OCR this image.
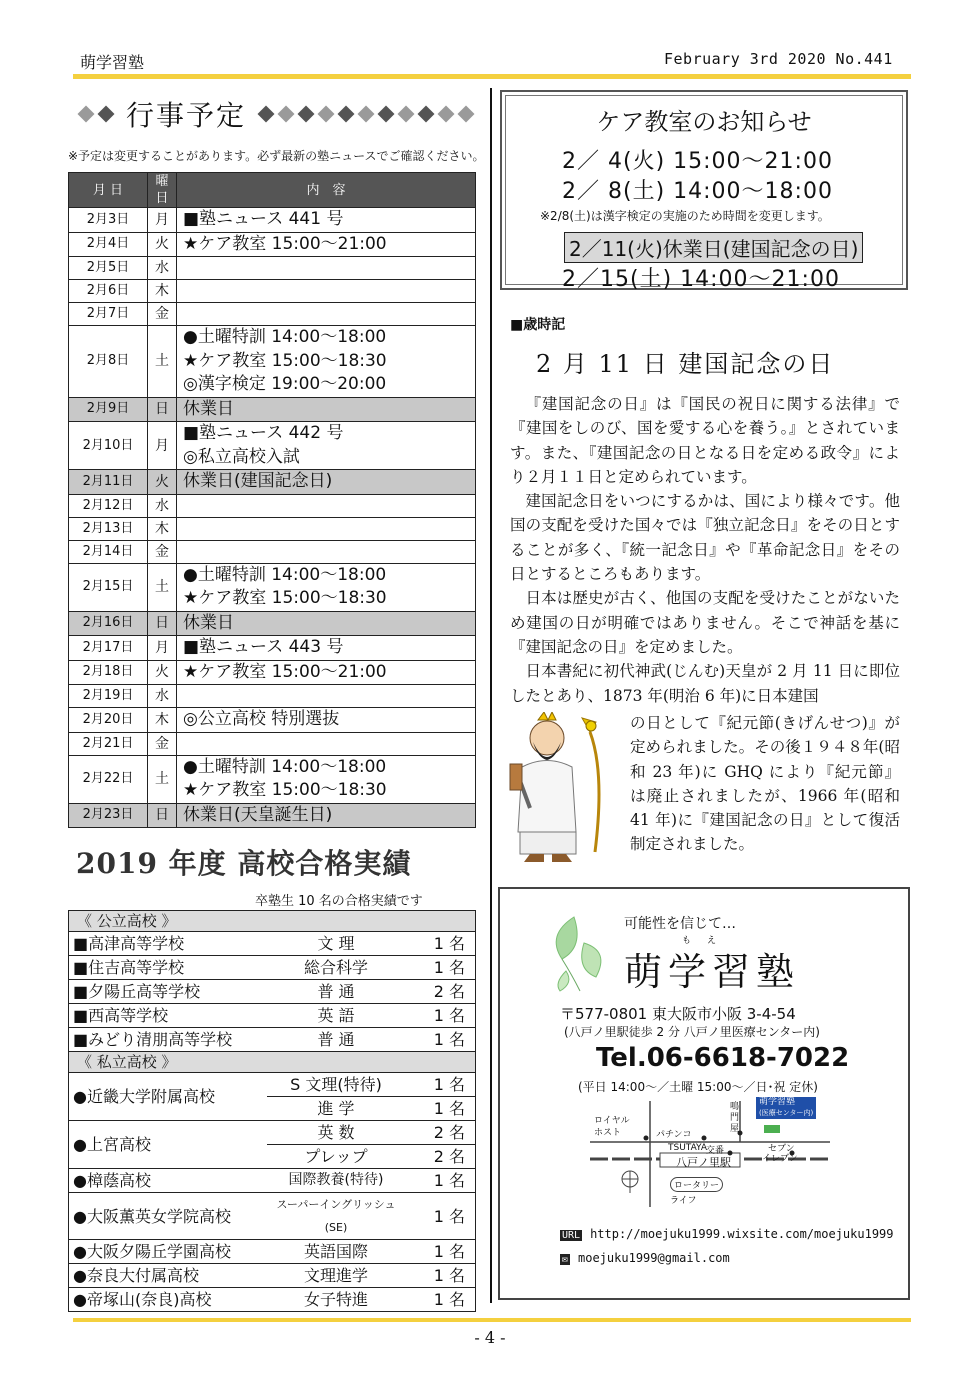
萌学習塾	February 3rd 2020 No.441
行事予定
※予定は変更することがあります。必ず最新の塾ニュースでご確認ください。
月 日	曜日	内　容
2月3日	月	■塾ニュース 441 号
2月4日	火	★ケア教室 15:00～21:00
2月5日	水	
2月6日	木	
2月7日	金	
2月8日	土	●土曜特訓 14:00～18:00
★ケア教室 15:00～18:30
◎漢字検定 19:00～20:00

2月9日	日	休業日
2月10日	月	■塾ニュース 442 号
◎私立高校入試

2月11日	火	休業日(建国記念日)
2月12日	水	
2月13日	木	
2月14日	金	
2月15日	土	●土曜特訓 14:00～18:00
★ケア教室 15:00～18:30

2月16日	日	休業日
2月17日	月	■塾ニュース 443 号
2月18日	火	★ケア教室 15:00～21:00
2月19日	水	
2月20日	木	◎公立高校 特別選抜
2月21日	金	
2月22日	土	●土曜特訓 14:00～18:00
★ケア教室 15:00～18:30

2月23日	日	休業日(天皇誕生日)
2019 年度 高校合格実績
卒塾生 10 名の合格実績です
《 公立高校 》		
■高津高等学校	文 理	1 名
■住吉高等学校	総合科学	1 名
■夕陽丘高等学校	普 通	2 名
■西高等学校	英 語	1 名
■みどり清朋高等学校	普 通	1 名
《 私立高校 》		
●近畿大学附属高校	S 文理(特待)	1 名
	進 学	1 名
●上宮高校	英 数	2 名
	プレップ	2 名
●樟蔭高校	国際教養(特待)	1 名
●大阪薫英女学院高校	スーパーイングリッシュ(SE)	1 名
●大阪夕陽丘学園高校	英語国際	1 名
●奈良大付属高校	文理進学	1 名
●帝塚山(奈良)高校	女子特進	1 名
ケア教室のお知らせ
2／ 4(火) 15:00～21:00
2／ 8(土) 14:00～18:00
※2/8(土)は漢字検定の実施のため時間を変更します。
2／11(火)休業日(建国記念の日)
2／15(土) 14:00～21:00
■歳時記
2 月 11 日 建国記念の日

『建国記念の日』は『国民の祝日に関する法律』で『建国をしのび、国を愛する心を養う。』とされています。また、『建国記念の日となる日を定める政令』により２月１１日と定められています。

建国記念日をいつにするかは、国により様々です。他国の支配を受けた国々では『独立記念日』をその日とすることが多く、『統一記念日』や『革命記念日』をその日とするところもあります。

日本は歴史が古く、他国の支配を受けたことがないため建国の日が明確ではありません。そこで神話を基に『建国記念の日』を定めました。

日本書紀に初代神武(じんむ)天皇が 2 月 11 日に即位したとあり、1873 年(明治 6 年)に日本建国

の日として『紀元節(きげんせつ)』が定められました。その後１９４８年(昭和 23 年)に GHQ により『紀元節』は廃止されましたが、1966 年(昭和 41 年)に『建国記念の日』として復活制定されました。

可能性を信じて…
も え
萌学習塾
〒577-0801 東大阪市小阪 3-4-54
(八戸ノ里駅徒歩 2 分 八戸ノ里医療センター内)
Tel.06-6618-7022
(平日 14:00～／土曜 15:00～／日･祝 定休)
ロイヤル
ホスト	パチンコ
鳴
門
屋
萌学習塾
(医療センター内)
TSUTAYA
交番	セブン
イレブン
八戸ノ里駅
ロータリー
ライフ
URL http://moejuku1999.wixsite.com/moejuku1999
✉ moejuku1999@gmail.com
- 4 -
